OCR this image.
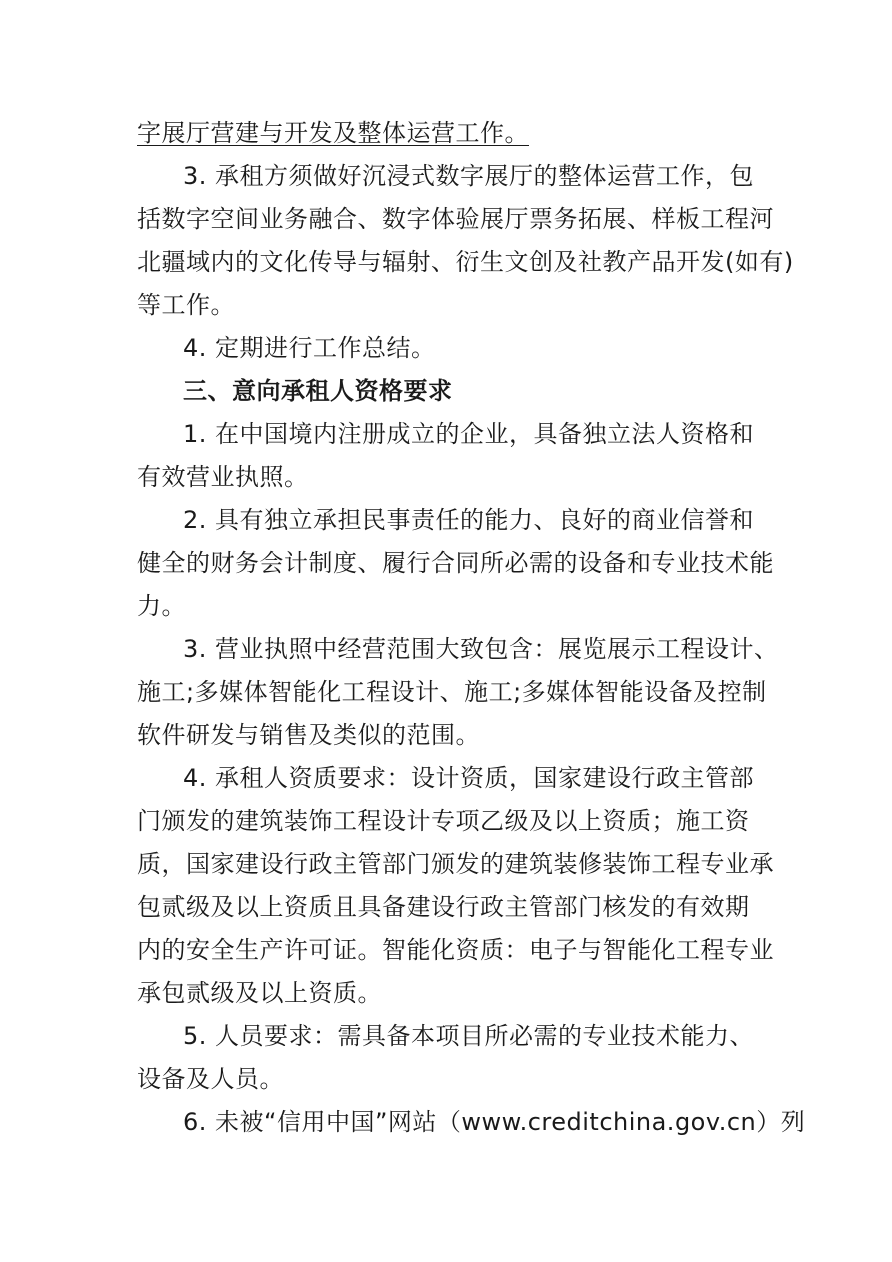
字展厅营建与开发及整体运营工作。
3. 承租方须做好沉浸式数字展厅的整体运营工作，包
括数字空间业务融合、数字体验展厅票务拓展、样板工程河
北疆域内的文化传导与辐射、衍生文创及社教产品开发(如有)
等工作。
4. 定期进行工作总结。
三、意向承租人资格要求
1. 在中国境内注册成立的企业，具备独立法人资格和
有效营业执照。
2. 具有独立承担民事责任的能力、良好的商业信誉和
健全的财务会计制度、履行合同所必需的设备和专业技术能
力。
3. 营业执照中经营范围大致包含：展览展示工程设计、
施工;多媒体智能化工程设计、施工;多媒体智能设备及控制
软件研发与销售及类似的范围。
4. 承租人资质要求：设计资质，国家建设行政主管部
门颁发的建筑装饰工程设计专项乙级及以上资质；施工资
质，国家建设行政主管部门颁发的建筑装修装饰工程专业承
包贰级及以上资质且具备建设行政主管部门核发的有效期
内的安全生产许可证。智能化资质：电子与智能化工程专业
承包贰级及以上资质。
5. 人员要求：需具备本项目所必需的专业技术能力、
设备及人员。
6. 未被“信用中国”网站（www.creditchina.gov.cn）列
